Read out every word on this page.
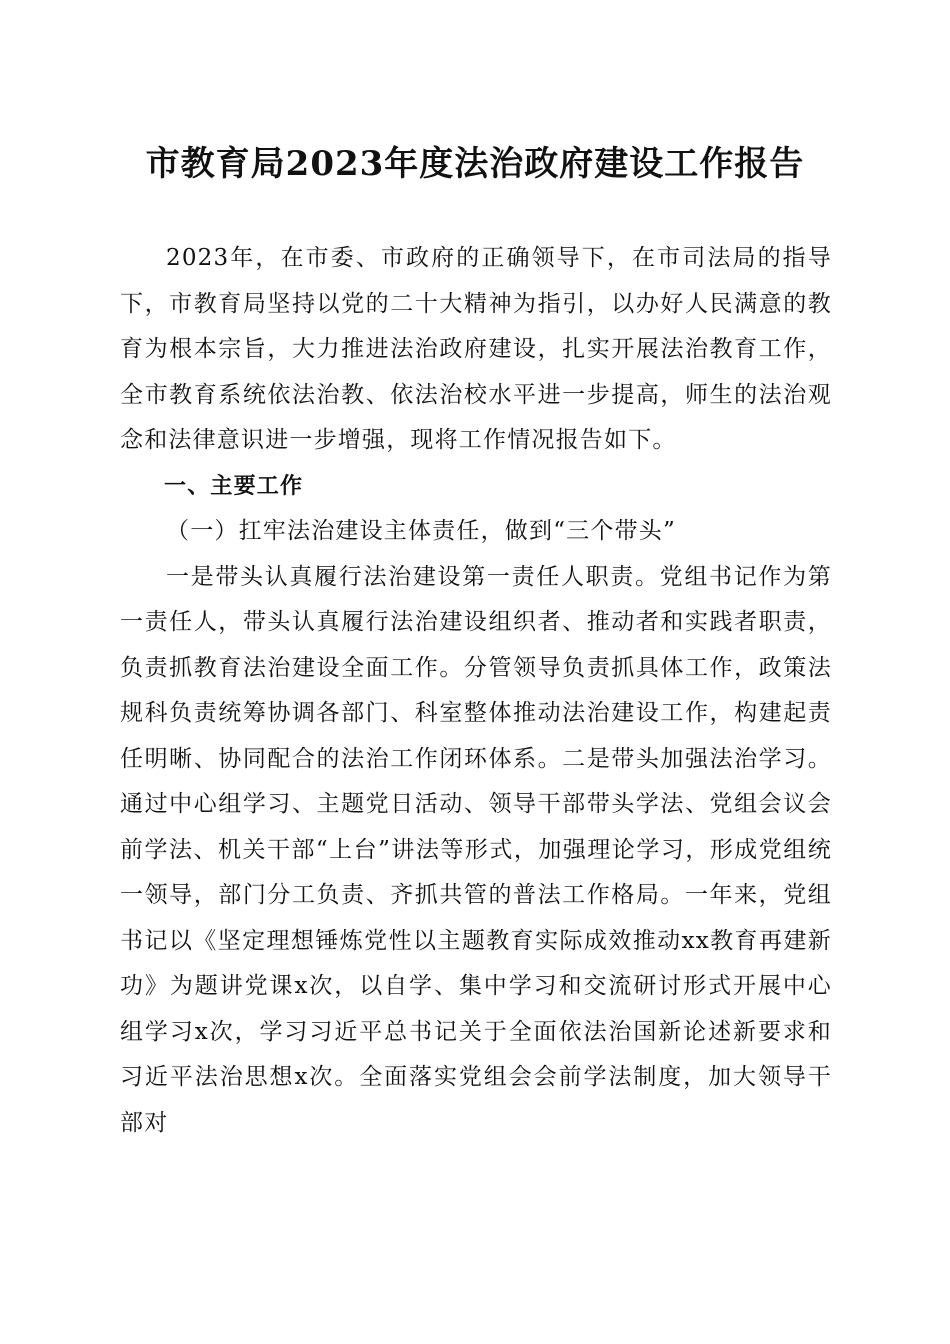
市教育局2023年度法治政府建设工作报告

2023年，在市委、市政府的正确领导下，在市司法局的指导下，市教育局坚持以党的二十大精神为指引，以办好人民满意的教育为根本宗旨，大力推进法治政府建设，扎实开展法治教育工作，全市教育系统依法治教、依法治校水平进一步提高，师生的法治观念和法律意识进一步增强，现将工作情况报告如下。

一、主要工作

（一）扛牢法治建设主体责任，做到“三个带头”

一是带头认真履行法治建设第一责任人职责。党组书记作为第一责任人，带头认真履行法治建设组织者、推动者和实践者职责，负责抓教育法治建设全面工作。分管领导负责抓具体工作，政策法规科负责统筹协调各部门、科室整体推动法治建设工作，构建起责任明晰、协同配合的法治工作闭环体系。二是带头加强法治学习。通过中心组学习、主题党日活动、领导干部带头学法、党组会议会前学法、机关干部“上台”讲法等形式，加强理论学习，形成党组统一领导，部门分工负责、齐抓共管的普法工作格局。一年来，党组书记以《坚定理想锤炼党性以主题教育实际成效推动xx教育再建新功》为题讲党课x次，以自学、集中学习和交流研讨形式开展中心组学习x次，学习习近平总书记关于全面依法治国新论述新要求和习近平法治思想x次。全面落实党组会会前学法制度，加大领导干部对
